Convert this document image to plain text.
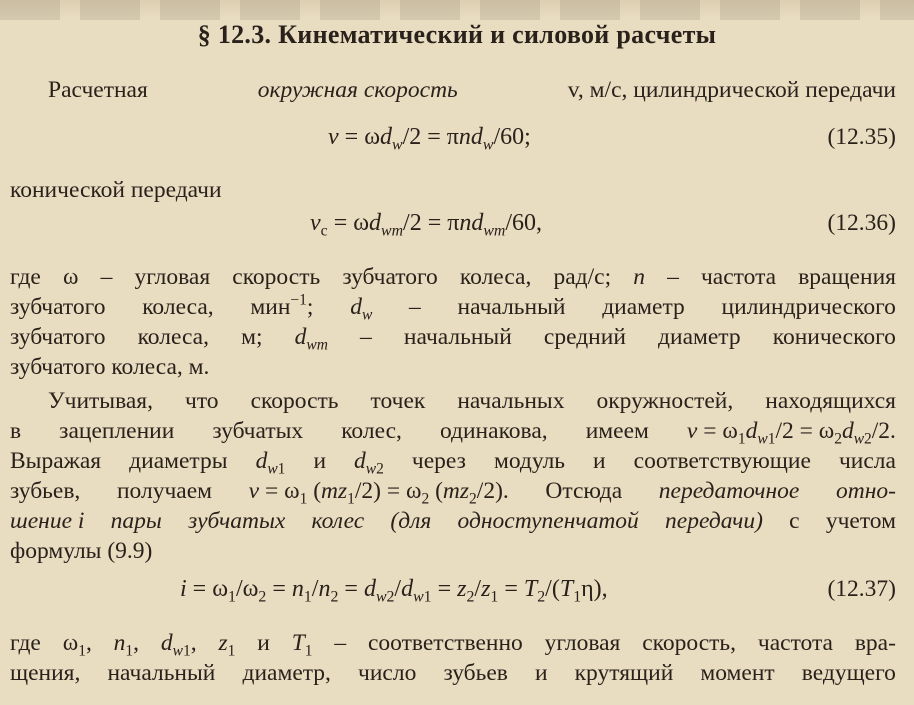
§ 12.3. Кинематический и силовой расчеты
Расчетная	окружная скорость	v, м/с, цилиндрической передачи
$v = \omega d_w/2 = \pi nd_w/60$;	(12.35)
конической передачи
$v_c = \omega d_{wm}/2 = \pi nd_{wm}/60$,	(12.36)
где ω – угловая скорость зубчатого колеса, рад/с; n – частота вращения
зубчатого колеса, мин$^{-1}$; $d_w$ – начальный диаметр цилиндрического
зубчатого колеса, м; $d_{wm}$ – начальный средний диаметр конического
зубчатого колеса, м.
Учитывая, что скорость точек начальных окружностей, находящихся
в зацеплении зубчатых колес, одинакова, имеем $v = \omega_1d_{w1}/2 = \omega_2d_{w2}/2$.
Выражая диаметры $d_{w1}$ и $d_{w2}$ через модуль и соответствующие числа
зубьев, получаем $v = \omega_1$ $(mz_1/2) = \omega_2$ $(mz_2/2)$. Отсюда передаточное отно-
шение i пары зубчатых колес (для одноступенчатой передачи) с учетом
формулы (9.9)
$i = \omega_1/\omega_2 = n_1/n_2 = d_{w2}/d_{w1} = z_2/z_1 = T_2/(T_1\eta)$,	(12.37)
где $\omega_1$, $n_1$, $d_{w1}$, $z_1$ и $T_1$ – соответственно угловая скорость, частота вра-
щения, начальный диаметр, число зубьев и крутящий момент ведущего
